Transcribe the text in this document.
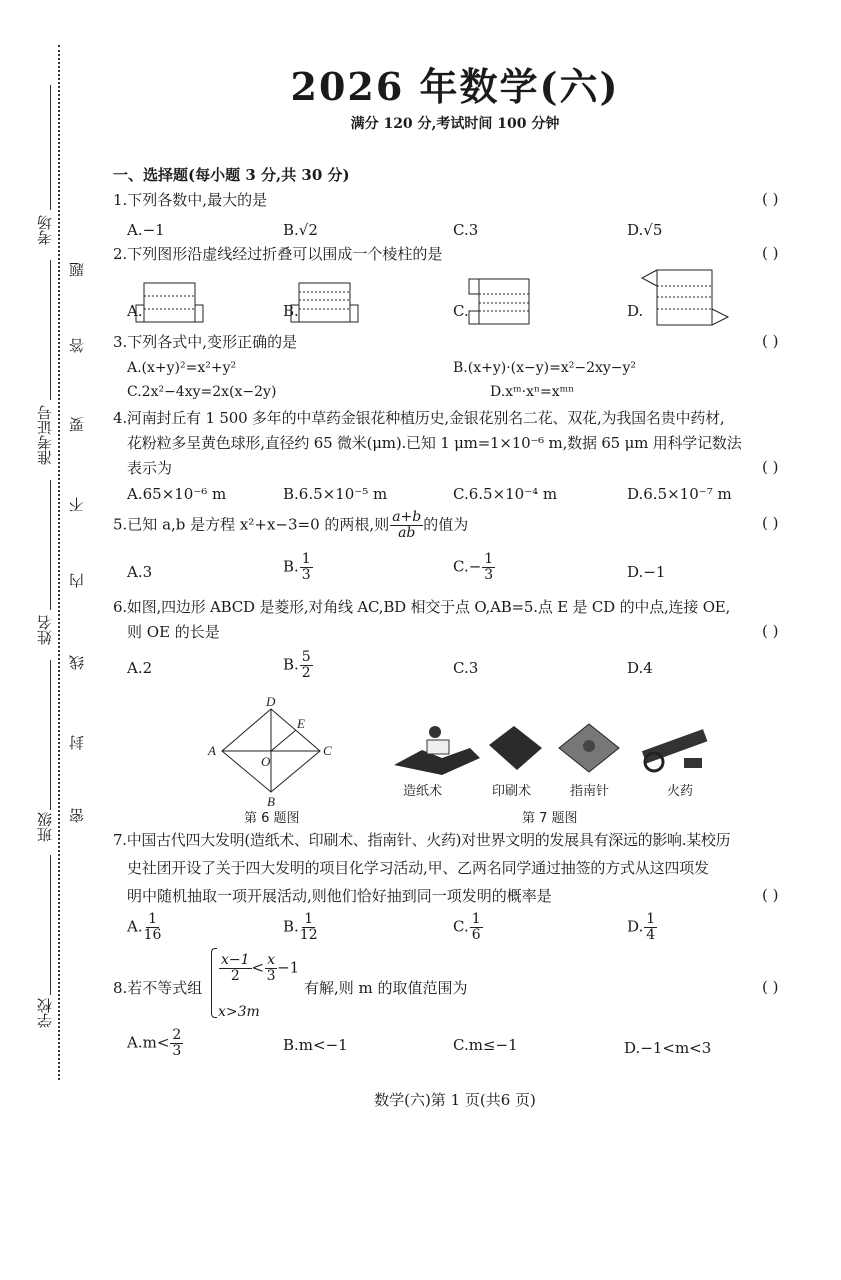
考场
准考证号
姓名
班级
学校
题
答
要
不
内
线
封
密
2026 年数学(六)
满分 120 分,考试时间 100 分钟
一、选择题(每小题 3 分,共 30 分)
1.下列各数中,最大的是	( )
A.−1	B.√2	C.3	D.√5
2.下列图形沿虚线经过折叠可以围成一个棱柱的是	( )
A.	B.	C.	D.
3.下列各式中,变形正确的是	( )
A.(x+y)²=x²+y²	B.(x+y)·(x−y)=x²−2xy−y²
C.2x²−4xy=2x(x−2y)	D.xᵐ·xⁿ=xᵐⁿ
4.河南封丘有 1 500 多年的中草药金银花种植历史,金银花别名二花、双花,为我国名贵中药材,
花粉粒多呈黄色球形,直径约 65 微米(μm).已知 1 μm=1×10⁻⁶ m,数据 65 μm 用科学记数法
表示为	( )
A.65×10⁻⁶ m	B.6.5×10⁻⁵ m	C.6.5×10⁻⁴ m	D.6.5×10⁻⁷ m
5.已知 a,b 是方程 x²+x−3=0 的两根,则 $\frac{a+b}{ab}$ 的值为	( )
A.3	B. $\frac{1}{3}$	$C.- \frac{1}{3}$	D.−1
6.如图,四边形 ABCD 是菱形,对角线 AC,BD 相交于点 O,AB=5.点 E 是 CD 的中点,连接 OE,
则 OE 的长是	( )
A.2	B. $\frac{5}{2}$	C.3	D.4
D
E
A	C
O
B
第 6 题图
造纸术	印刷术	指南针	火药
第 7 题图
7.中国古代四大发明(造纸术、印刷术、指南针、火药)对世界文明的发展具有深远的影响.某校历
史社团开设了关于四大发明的项目化学习活动,甲、乙两名同学通过抽签的方式从这四项发
明中随机抽取一项开展活动,则他们恰好抽到同一项发明的概率是	( )
A. $\frac{1}{16}$	B. $\frac{1}{12}$	C. $\frac{1}{6}$	D. $\frac{1}{4}$
8.若不等式组
$\frac{x-1}{2} < \frac{x}{3} -1$
x>3m
有解,则 m 的取值范围为	( )
$A.m< \frac{2}{3}$	B.m<−1	C.m≤−1	D.−1<m<3
数学(六)第 1 页(共6 页)
